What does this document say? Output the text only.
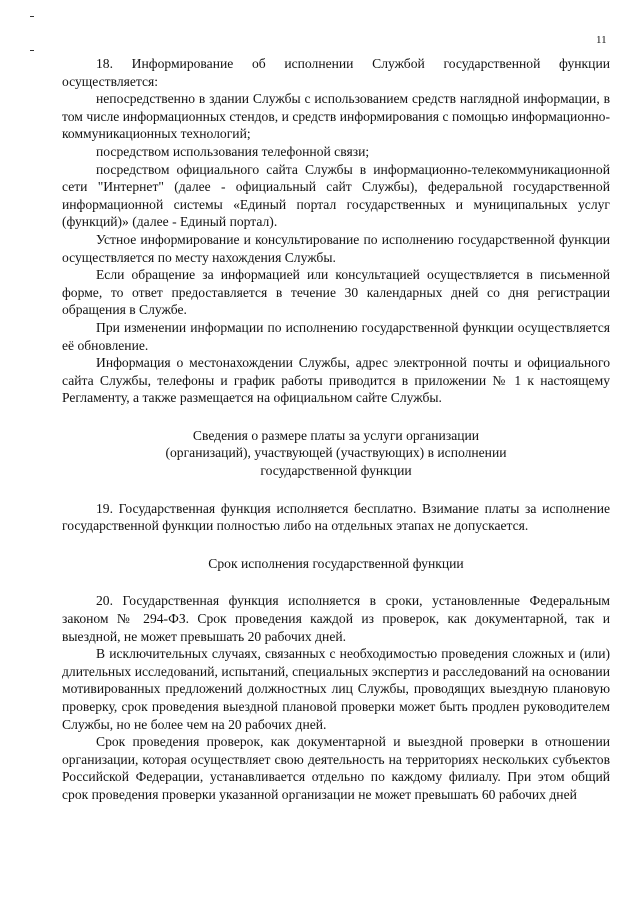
11

18. Информирование об исполнении Службой государственной функции осуществляется:

непосредственно в здании Службы с использованием средств наглядной информации, в том числе информационных стендов, и средств информирования с помощью информационно-коммуникационных технологий;

посредством использования телефонной связи;

посредством официального сайта Службы в информационно-телекоммуникационной сети "Интернет" (далее - официальный сайт Службы), федеральной государственной информационной системы «Единый портал государственных и муниципальных услуг (функций)» (далее - Единый портал).

Устное информирование и консультирование по исполнению государственной функции осуществляется по месту нахождения Службы.

Если обращение за информацией или консультацией осуществляется в письменной форме, то ответ предоставляется в течение 30 календарных дней со дня регистрации обращения в Службе.

При изменении информации по исполнению государственной функции осуществляется её обновление.

Информация о местонахождении Службы, адрес электронной почты и официального сайта Службы, телефоны и график работы приводится в приложении № 1 к настоящему Регламенту, а также размещается на официальном сайте Службы.

Сведения о размере платы за услуги организации
(организаций), участвующей (участвующих) в исполнении
государственной функции

19. Государственная функция исполняется бесплатно. Взимание платы за исполнение государственной функции полностью либо на отдельных этапах не допускается.

Срок исполнения государственной функции

20. Государственная функция исполняется в сроки, установленные Федеральным законом № 294-ФЗ. Срок проведения каждой из проверок, как документарной, так и выездной, не может превышать 20 рабочих дней.

В исключительных случаях, связанных с необходимостью проведения сложных и (или) длительных исследований, испытаний, специальных экспертиз и расследований на основании мотивированных предложений должностных лиц Службы, проводящих выездную плановую проверку, срок проведения выездной плановой проверки может быть продлен руководителем Службы, но не более чем на 20 рабочих дней.

Срок проведения проверок, как документарной и выездной проверки в отношении организации, которая осуществляет свою деятельность на территориях нескольких субъектов Российской Федерации, устанавливается отдельно по каждому филиалу. При этом общий срок проведения проверки указанной организации не может превышать 60 рабочих дней
